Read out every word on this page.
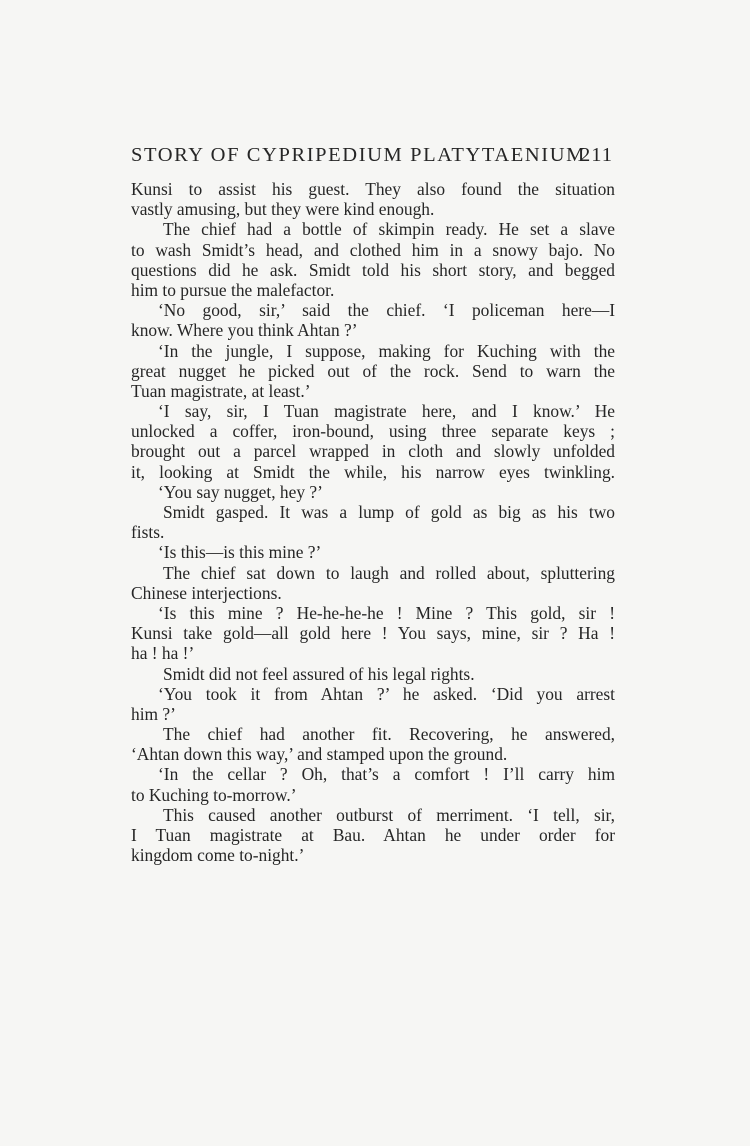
STORY OF CYPRIPEDIUM PLATYTAENIUM
211
Kunsi to assist his guest. They also found the situation
vastly amusing, but they were kind enough.
The chief had a bottle of skimpin ready. He set a slave
to wash Smidt’s head, and clothed him in a snowy bajo. No
questions did he ask. Smidt told his short story, and begged
him to pursue the malefactor.
‘No good, sir,’ said the chief. ‘I policeman here—I
know. Where you think Ahtan ?’
‘In the jungle, I suppose, making for Kuching with the
great nugget he picked out of the rock. Send to warn the
Tuan magistrate, at least.’
‘I say, sir, I Tuan magistrate here, and I know.’ He
unlocked a coffer, iron-bound, using three separate keys ;
brought out a parcel wrapped in cloth and slowly unfolded
it, looking at Smidt the while, his narrow eyes twinkling.
‘You say nugget, hey ?’
Smidt gasped. It was a lump of gold as big as his two
fists.
‘Is this—is this mine ?’
The chief sat down to laugh and rolled about, spluttering
Chinese interjections.
‘Is this mine ? He-he-he-he ! Mine ? This gold, sir !
Kunsi take gold—all gold here ! You says, mine, sir ? Ha !
ha ! ha !’
Smidt did not feel assured of his legal rights.
‘You took it from Ahtan ?’ he asked. ‘Did you arrest
him ?’
The chief had another fit. Recovering, he answered,
‘Ahtan down this way,’ and stamped upon the ground.
‘In the cellar ? Oh, that’s a comfort ! I’ll carry him
to Kuching to-morrow.’
This caused another outburst of merriment. ‘I tell, sir,
I Tuan magistrate at Bau. Ahtan he under order for
kingdom come to-night.’
